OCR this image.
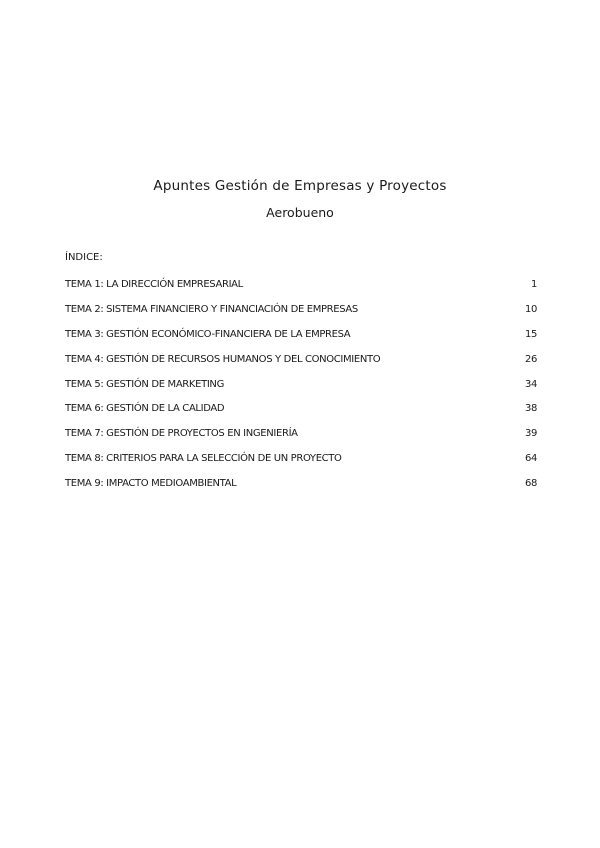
Apuntes Gestión de Empresas y Proyectos
Aerobueno
ÍNDICE:
TEMA 1: LA DIRECCIÓN EMPRESARIAL	1
TEMA 2: SISTEMA FINANCIERO Y FINANCIACIÓN DE EMPRESAS	10
TEMA 3: GESTIÓN ECONÓMICO-FINANCIERA DE LA EMPRESA	15
TEMA 4: GESTIÓN DE RECURSOS HUMANOS Y DEL CONOCIMIENTO	26
TEMA 5: GESTIÓN DE MARKETING	34
TEMA 6: GESTIÓN DE LA CALIDAD	38
TEMA 7: GESTIÓN DE PROYECTOS EN INGENIERÍA	39
TEMA 8: CRITERIOS PARA LA SELECCIÓN DE UN PROYECTO	64
TEMA 9: IMPACTO MEDIOAMBIENTAL	68
